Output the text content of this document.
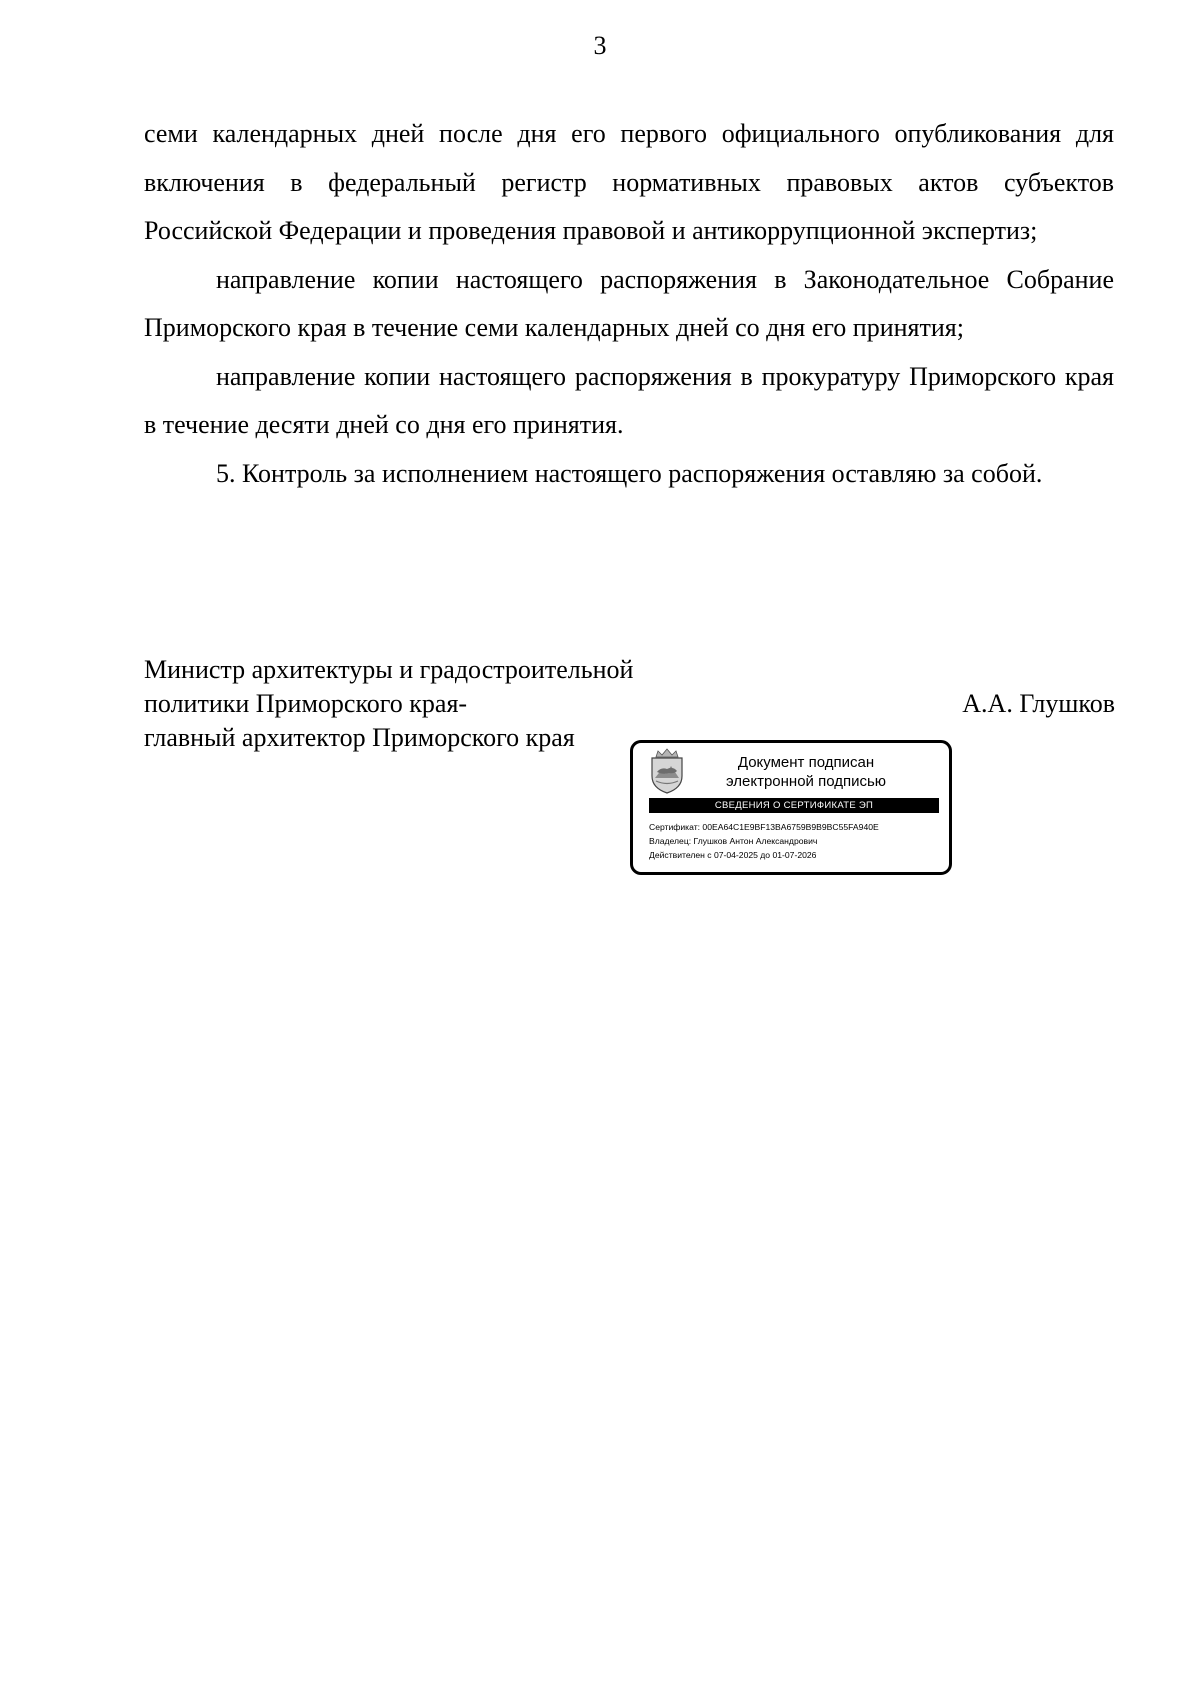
3

семи календарных дней после дня его первого официального опубликования для включения в федеральный регистр нормативных правовых актов субъектов Российской Федерации и проведения правовой и антикоррупционной экспертиз;

направление копии настоящего распоряжения в Законодательное Собрание Приморского края в течение семи календарных дней со дня его принятия;

направление копии настоящего распоряжения в прокуратуру Приморского края в течение десяти дней со дня его принятия.

5. Контроль за исполнением настоящего распоряжения оставляю за собой.

Министр архитектуры и градостроительной
политики Приморского края-
главный архитектор Приморского края
А.А. Глушков
Документ подписан
электронной подписью
СВЕДЕНИЯ О СЕРТИФИКАТЕ ЭП
Сертификат: 00EA64C1E9BF13BA6759B9B9BC55FA940E
Владелец: Глушков Антон Александрович
Действителен с 07-04-2025 до 01-07-2026
